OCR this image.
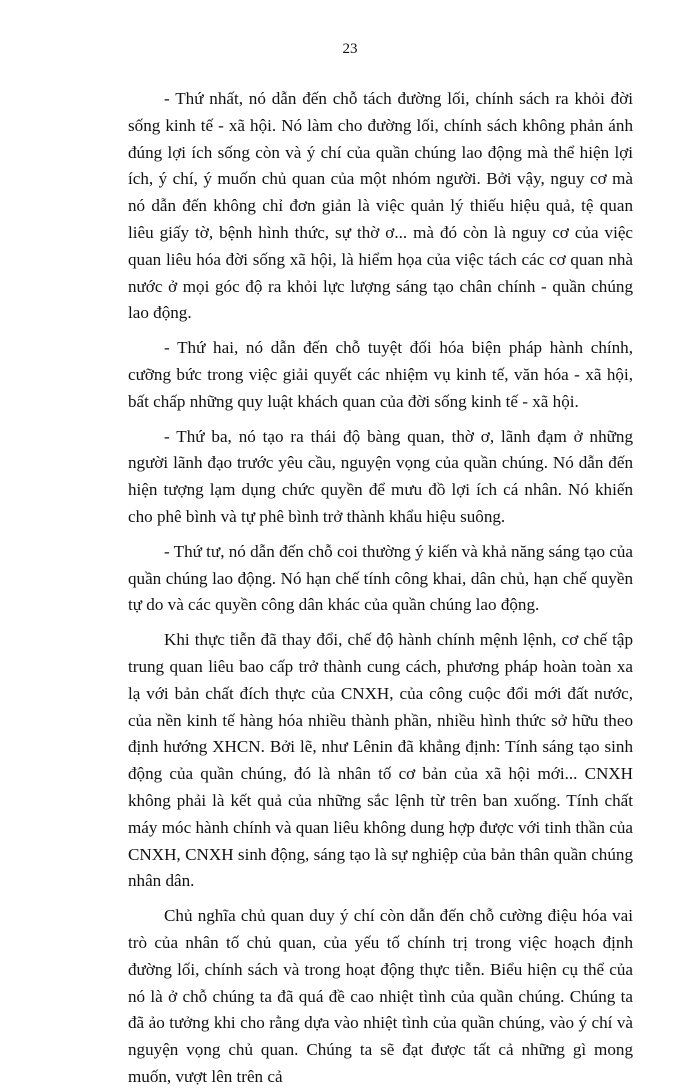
23

- Thứ nhất, nó dẫn đến chỗ tách đường lối, chính sách ra khỏi đời sống kinh tế - xã hội. Nó làm cho đường lối, chính sách không phản ánh đúng lợi ích sống còn và ý chí của quần chúng lao động mà thể hiện lợi ích, ý chí, ý muốn chủ quan của một nhóm người. Bởi vậy, nguy cơ mà nó dẫn đến không chỉ đơn giản là việc quản lý thiếu hiệu quả, tệ quan liêu giấy tờ, bệnh hình thức, sự thờ ơ... mà đó còn là nguy cơ của việc quan liêu hóa đời sống xã hội, là hiểm họa của việc tách các cơ quan nhà nước ở mọi góc độ ra khỏi lực lượng sáng tạo chân chính - quần chúng lao động.

- Thứ hai, nó dẫn đến chỗ tuyệt đối hóa biện pháp hành chính, cưỡng bức trong việc giải quyết các nhiệm vụ kinh tế, văn hóa - xã hội, bất chấp những quy luật khách quan của đời sống kinh tế - xã hội.

- Thứ ba, nó tạo ra thái độ bàng quan, thờ ơ, lãnh đạm ở những người lãnh đạo trước yêu cầu, nguyện vọng của quần chúng. Nó dẫn đến hiện tượng lạm dụng chức quyền để mưu đồ lợi ích cá nhân. Nó khiến cho phê bình và tự phê bình trở thành khẩu hiệu suông.

- Thứ tư, nó dẫn đến chỗ coi thường ý kiến và khả năng sáng tạo của quần chúng lao động. Nó hạn chế tính công khai, dân chủ, hạn chế quyền tự do và các quyền công dân khác của quần chúng lao động.

Khi thực tiễn đã thay đổi, chế độ hành chính mệnh lệnh, cơ chế tập trung quan liêu bao cấp trở thành cung cách, phương pháp hoàn toàn xa lạ với bản chất đích thực của CNXH, của công cuộc đổi mới đất nước, của nền kinh tế hàng hóa nhiều thành phần, nhiều hình thức sở hữu theo định hướng XHCN. Bởi lẽ, như Lênin đã khẳng định: Tính sáng tạo sinh động của quần chúng, đó là nhân tố cơ bản của xã hội mới... CNXH không phải là kết quả của những sắc lệnh từ trên ban xuống. Tính chất máy móc hành chính và quan liêu không dung hợp được với tinh thần của CNXH, CNXH sinh động, sáng tạo là sự nghiệp của bản thân quần chúng nhân dân.

Chủ nghĩa chủ quan duy ý chí còn dẫn đến chỗ cường điệu hóa vai trò của nhân tố chủ quan, của yếu tố chính trị trong việc hoạch định đường lối, chính sách và trong hoạt động thực tiễn. Biểu hiện cụ thể của nó là ở chỗ chúng ta đã quá đề cao nhiệt tình của quần chúng. Chúng ta đã ảo tưởng khi cho rằng dựa vào nhiệt tình của quần chúng, vào ý chí và nguyện vọng chủ quan. Chúng ta sẽ đạt được tất cả những gì mong muốn, vượt lên trên cả
